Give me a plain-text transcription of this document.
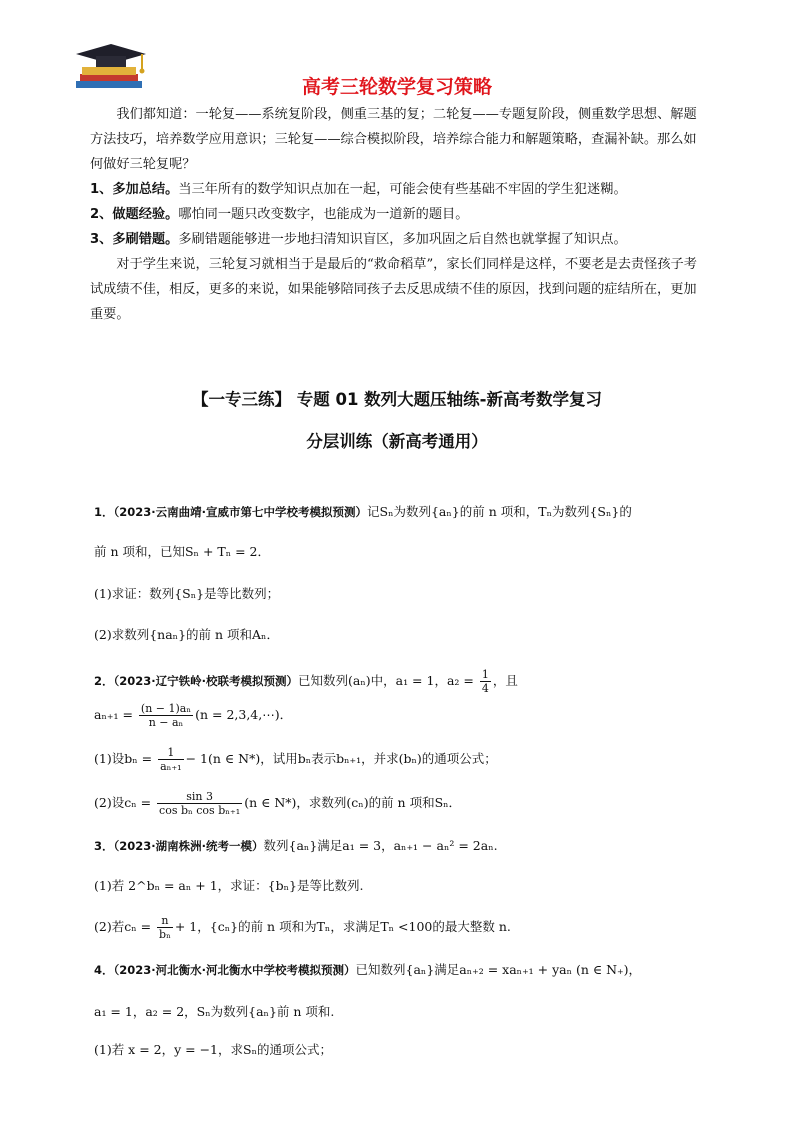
高考三轮数学复习策略

我们都知道：一轮复——系统复阶段，侧重三基的复；二轮复——专题复阶段，侧重数学思想、解题方法技巧，培养数学应用意识；三轮复——综合模拟阶段，培养综合能力和解题策略，查漏补缺。那么如何做好三轮复呢？

1、多加总结。当三年所有的数学知识点加在一起，可能会使有些基础不牢固的学生犯迷糊。

2、做题经验。哪怕同一题只改变数字，也能成为一道新的题目。

3、多刷错题。多刷错题能够进一步地扫清知识盲区，多加巩固之后自然也就掌握了知识点。

对于学生来说，三轮复习就相当于是最后的“救命稻草”，家长们同样是这样，不要老是去责怪孩子考试成绩不佳，相反，更多的来说，如果能够陪同孩子去反思成绩不佳的原因，找到问题的症结所在，更加重要。

【一专三练】 专题 01 数列大题压轴练-新高考数学复习
分层训练（新高考通用）
1．（2023·云南曲靖·宣威市第七中学校考模拟预测）记Sₙ为数列{aₙ}的前 n 项和，Tₙ为数列{Sₙ}的
前 n 项和，已知Sₙ + Tₙ = 2．
(1)求证：数列{Sₙ}是等比数列；
(2)求数列{naₙ}的前 n 项和Aₙ．
2．（2023·辽宁铁岭·校联考模拟预测）已知数列(aₙ)中，a₁ = 1，$a_2 = \frac{1}{4}$ ，且
$a_{n+1} = \frac{\text{(n − 1)aₙ}}{\text{n − aₙ}} (n$ = 2,3,4,⋯)．
(1)设$b_n = \frac{1}{\text{aₙ₊₁}} - 1(n$ ∈ N*)，试用bₙ表示bₙ₊₁，并求(bₙ)的通项公式；
(2)设$c_n = \frac{\sin 3}{\text{cos bₙ cos bₙ₊₁}} (n$ ∈ N*)，求数列(cₙ)的前 n 项和Sₙ．
3．（2023·湖南株洲·统考一模）数列{aₙ}满足a₁ = 3，aₙ₊₁ − aₙ² = 2aₙ.
(1)若 2^bₙ = aₙ + 1，求证：{bₙ}是等比数列.
(2)若$c_n = \frac{n}{\text{bₙ}} + 1$，{cₙ}的前 n 项和为Tₙ，求满足Tₙ <100的最大整数 n.
4．（2023·河北衡水·河北衡水中学校考模拟预测）已知数列{aₙ}满足aₙ₊₂ = xaₙ₊₁ + yaₙ (n ∈ N₊)，
a₁ = 1，a₂ = 2，Sₙ为数列{aₙ}前 n 项和.
(1)若 x = 2，y = −1，求Sₙ的通项公式；
